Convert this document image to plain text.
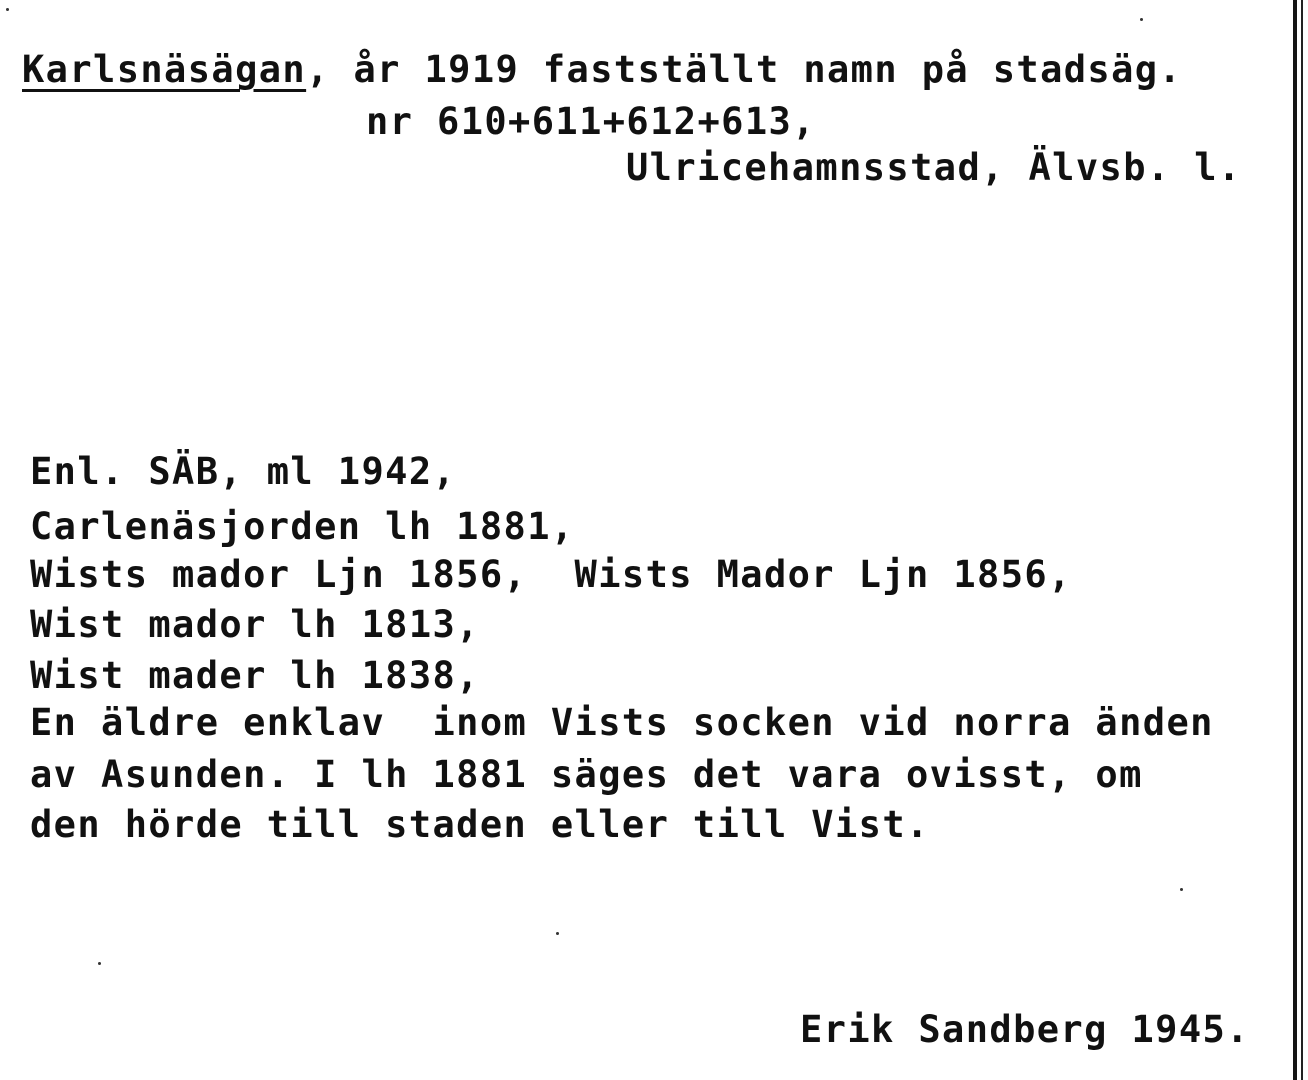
Karlsnäsägan, år 1919 fastställt namn på stadsäg.
nr 610+611+612+613,
Ulricehamnsstad, Älvsb. l.
Enl. SÄB, ml 1942,
Carlenäsjorden lh 1881,
Wists mador Ljn 1856,  Wists Mador Ljn 1856,
Wist mador lh 1813,
Wist mader lh 1838,
En äldre enklav  inom Vists socken vid norra änden
av Asunden. I lh 1881 säges det vara ovisst, om
den hörde till staden eller till Vist.
Erik Sandberg 1945.
